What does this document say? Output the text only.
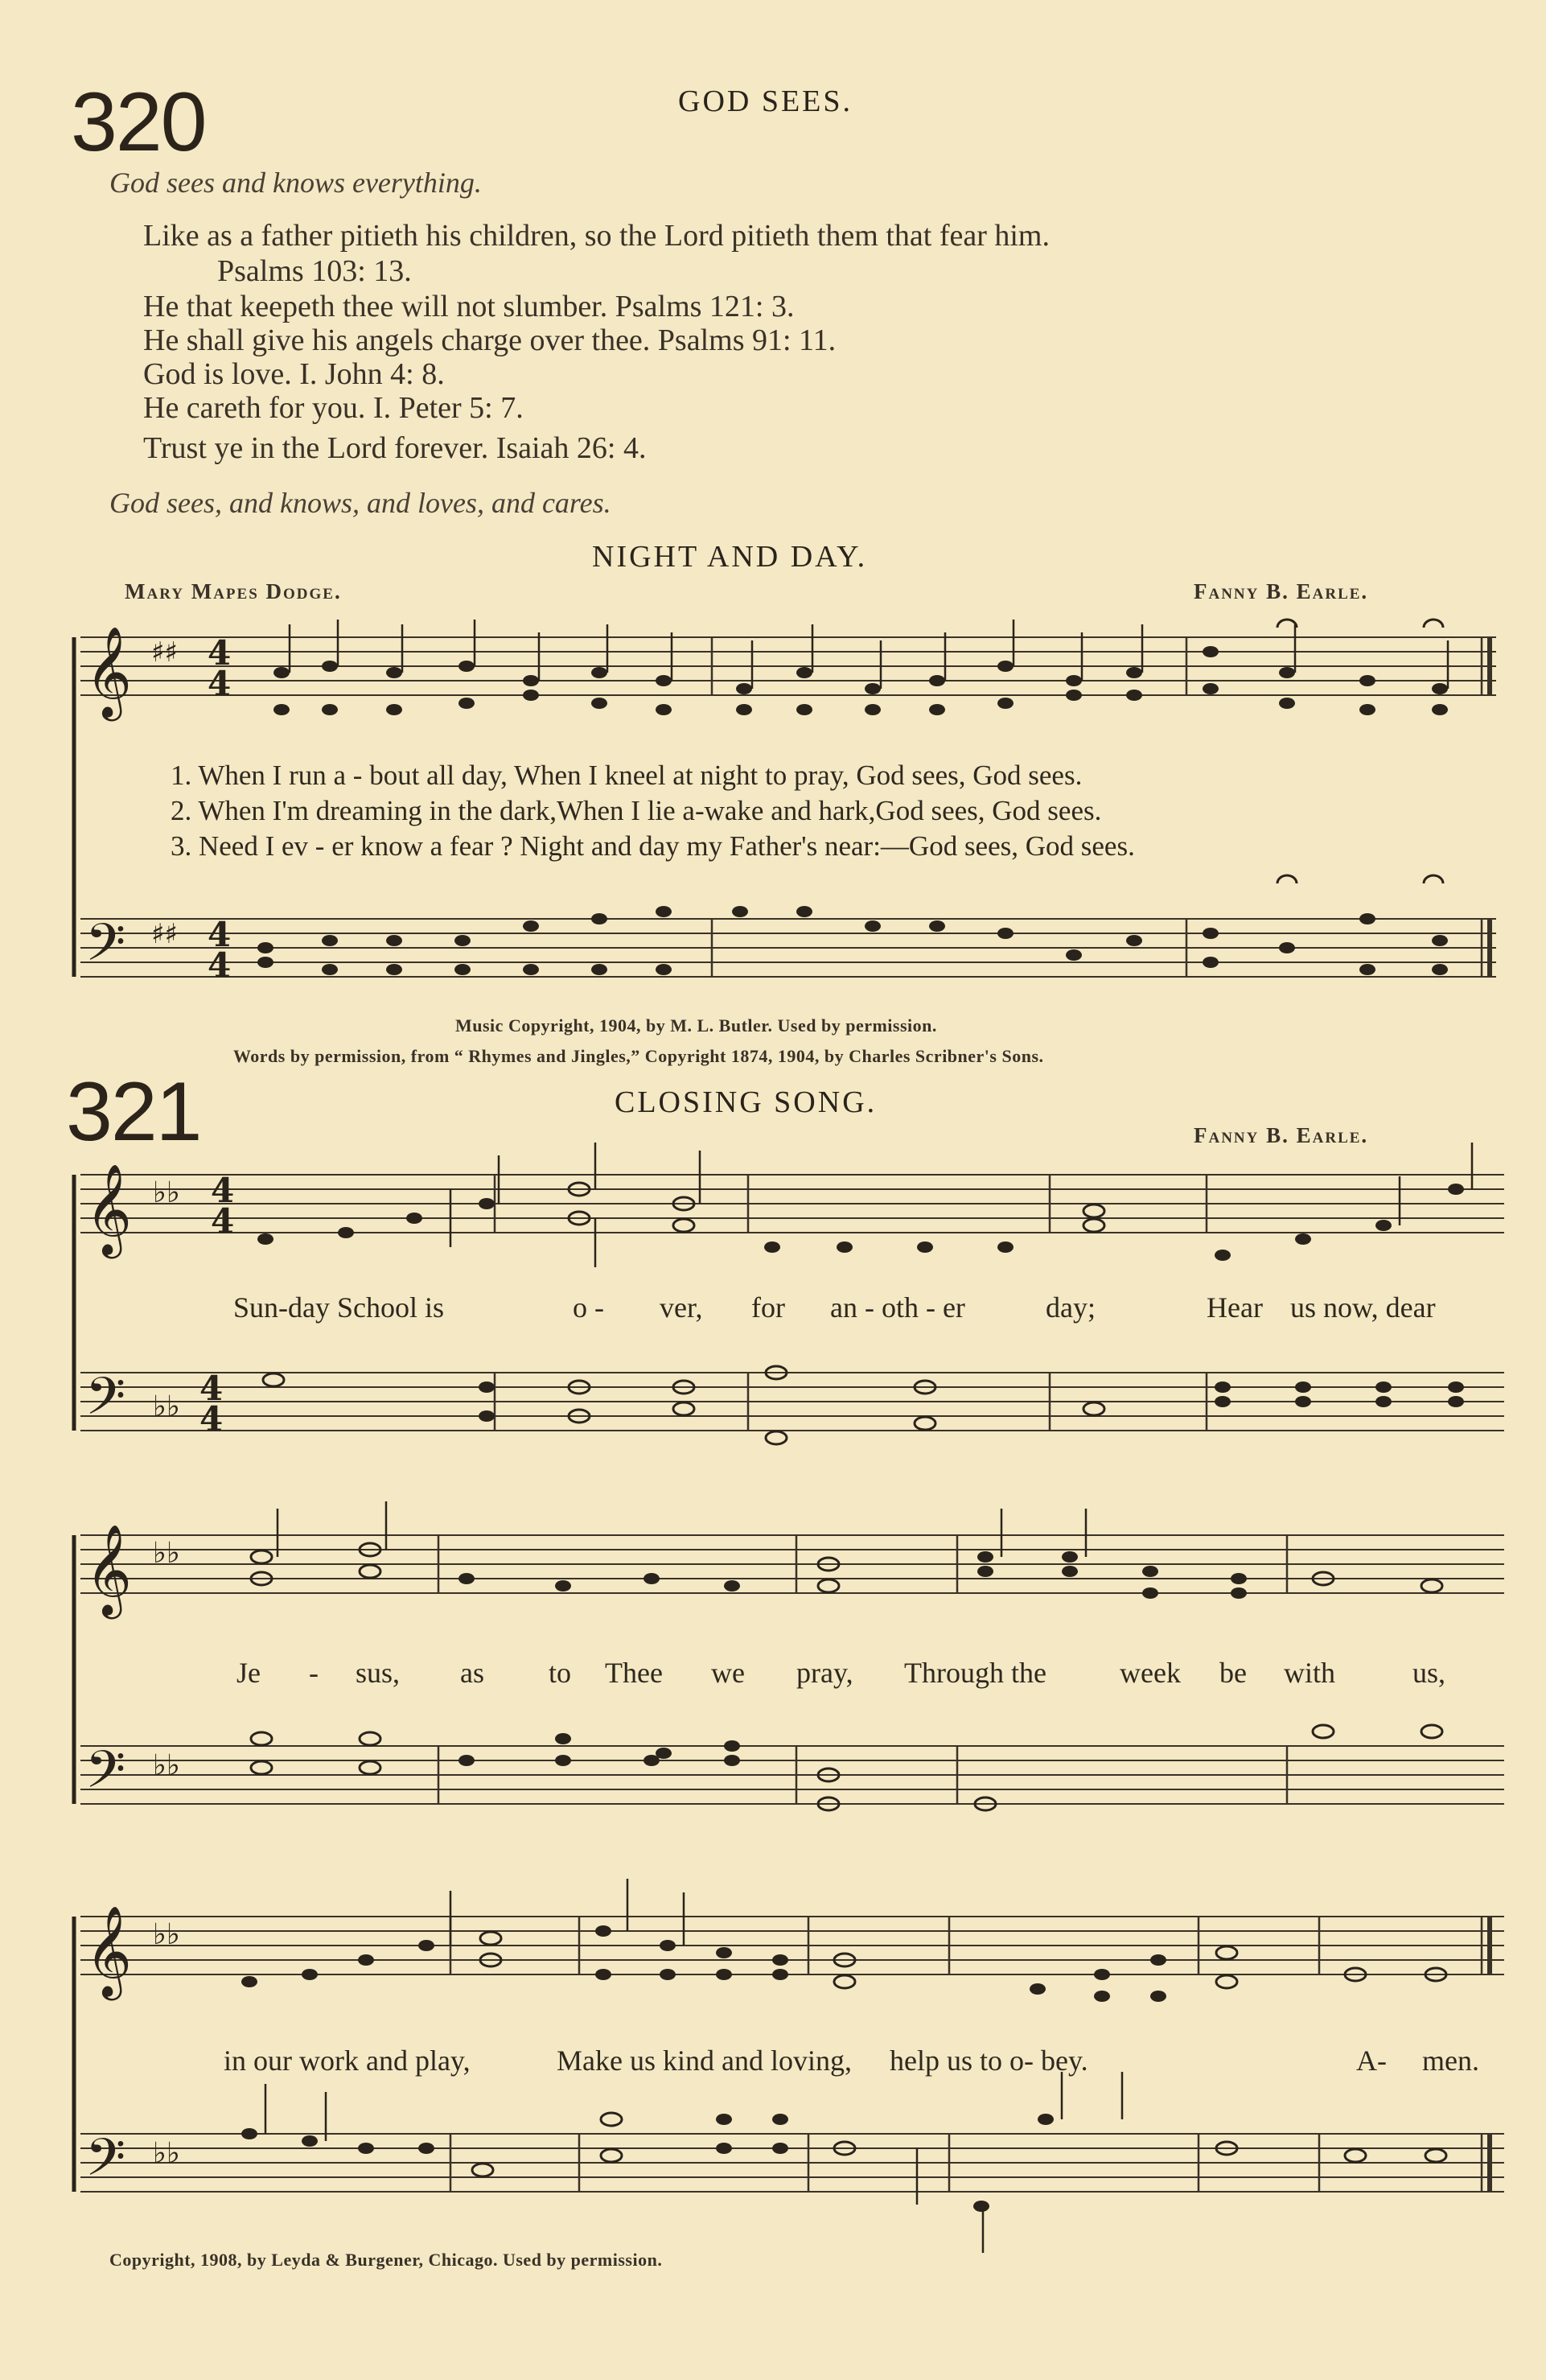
320	GOD SEES.
God sees and knows everything.
Like as a father pitieth his children, so the Lord pitieth them that fear him.
Psalms 103: 13.
He that keepeth thee will not slumber. Psalms 121: 3.
He shall give his angels charge over thee. Psalms 91: 11.
God is love. I. John 4: 8.
He careth for you. I. Peter 5: 7.
Trust ye in the Lord forever. Isaiah 26: 4.
God sees, and knows, and loves, and cares.
NIGHT AND DAY.
Mary Mapes Dodge.	Fanny B. Earle.
𝄞
𝄢
𝄞
𝄢
𝄞
𝄢
𝄞
𝄢
4
4
4
4
4
4
4
4
♯♯
♯♯
♭♭
♭♭
♭♭
♭♭
♭♭
♭♭
1. When I run a - bout all day, When I kneel at night to pray, God sees, God sees.
2. When I'm dreaming in the dark,When I lie a-wake and hark,God sees, God sees.
3. Need I ev - er know a fear ? Night and day my Father's near:—God sees, God sees.
Music Copyright, 1904, by M. L. Butler. Used by permission.
Words by permission, from “ Rhymes and Jingles,” Copyright 1874, 1904, by Charles Scribner's Sons.
321	CLOSING SONG.
Fanny B. Earle.
Sun-day School is	o - ver, for an - oth - er	day;	Hear us now, dear
Je - sus, as to Thee we pray, Through the	week be with	us,
in our work and play,	Make us kind and loving, help us to o- bey.	A- men.
Copyright, 1908, by Leyda & Burgener, Chicago. Used by permission.
